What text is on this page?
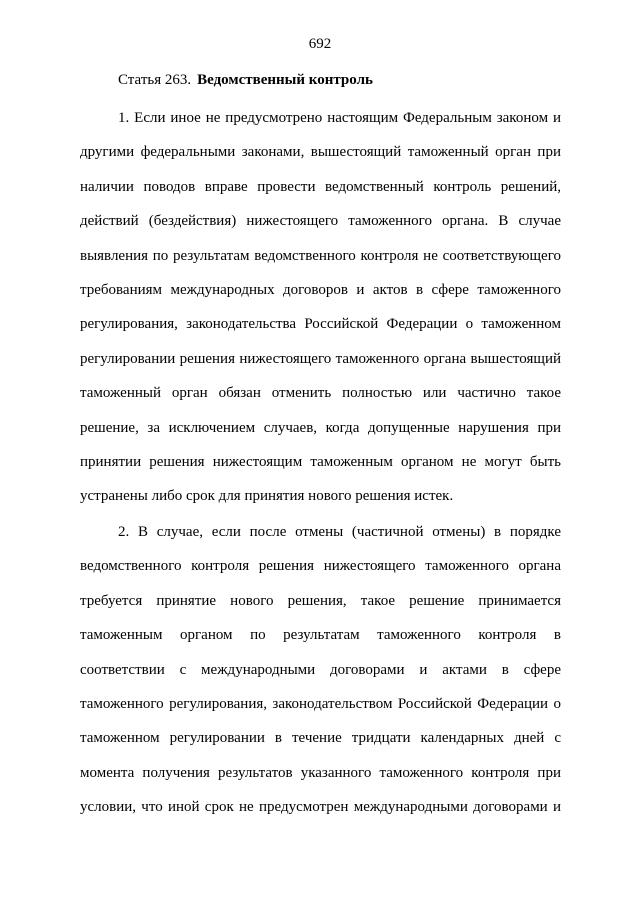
692
Статья 263. Ведомственный контроль
1. Если иное не предусмотрено настоящим Федеральным законом и
другими федеральными законами, вышестоящий таможенный орган при
наличии поводов вправе провести ведомственный контроль решений,
действий (бездействия) нижестоящего таможенного органа. В случае
выявления по результатам ведомственного контроля не соответствующего
требованиям международных договоров и актов в сфере таможенного
регулирования, законодательства Российской Федерации о таможенном
регулировании решения нижестоящего таможенного органа вышестоящий
таможенный орган обязан отменить полностью или частично такое
решение, за исключением случаев, когда допущенные нарушения при
принятии решения нижестоящим таможенным органом не могут быть
устранены либо срок для принятия нового решения истек.
2. В случае, если после отмены (частичной отмены) в порядке
ведомственного контроля решения нижестоящего таможенного органа
требуется принятие нового решения, такое решение принимается
таможенным органом по результатам таможенного контроля в
соответствии с международными договорами и актами в сфере
таможенного регулирования, законодательством Российской Федерации о
таможенном регулировании в течение тридцати календарных дней с
момента получения результатов указанного таможенного контроля при
условии, что иной срок не предусмотрен международными договорами и
